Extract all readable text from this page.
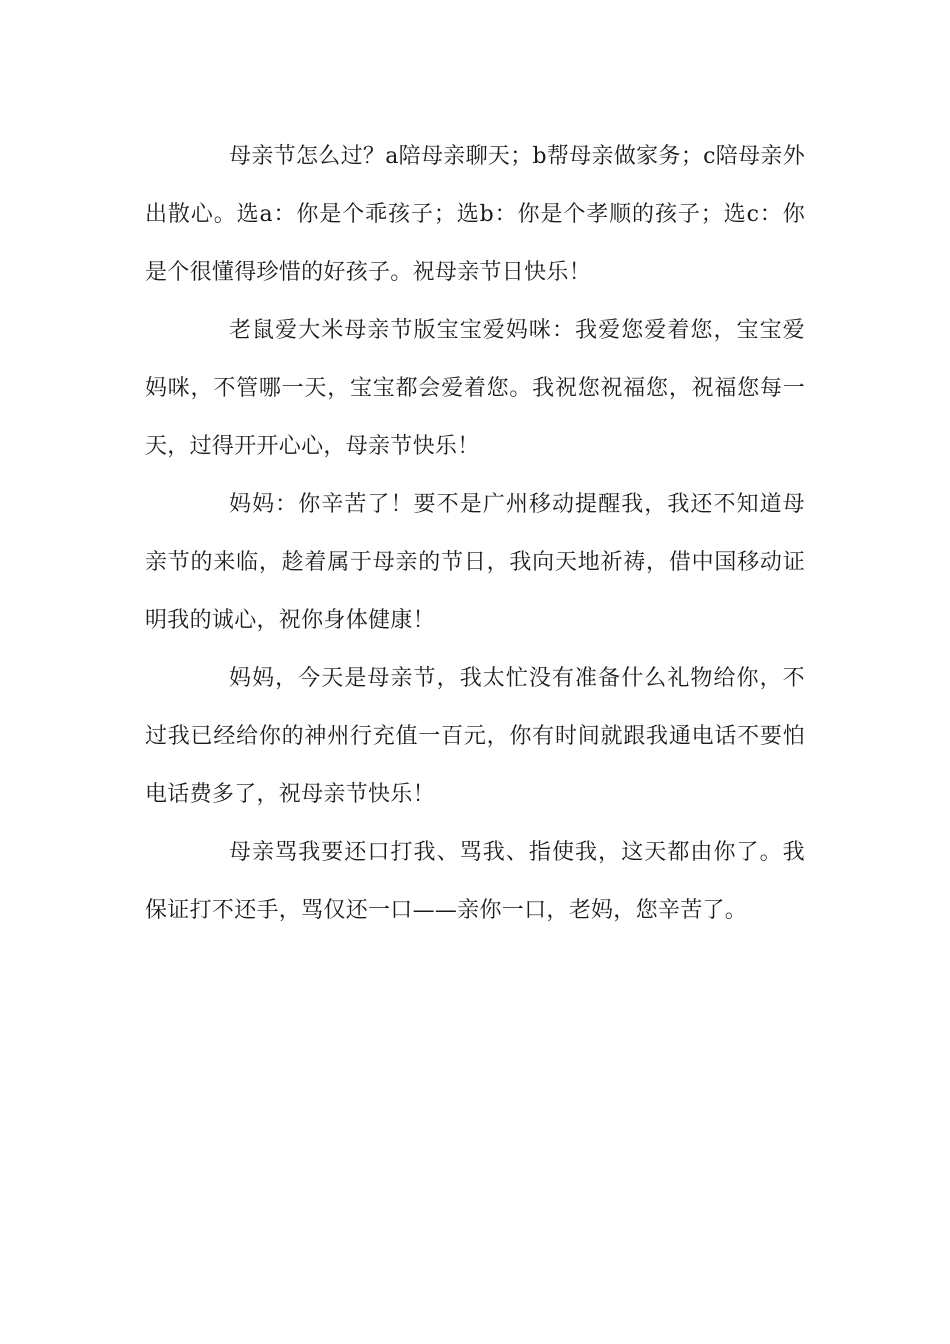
母亲节怎么过？a陪母亲聊天；b帮母亲做家务；c陪母亲外出散心。选a：你是个乖孩子；选b：你是个孝顺的孩子；选c：你是个很懂得珍惜的好孩子。祝母亲节日快乐！

老鼠爱大米母亲节版宝宝爱妈咪：我爱您爱着您，宝宝爱妈咪，不管哪一天，宝宝都会爱着您。我祝您祝福您，祝福您每一天，过得开开心心，母亲节快乐！

妈妈：你辛苦了！要不是广州移动提醒我，我还不知道母亲节的来临，趁着属于母亲的节日，我向天地祈祷，借中国移动证明我的诚心，祝你身体健康！

妈妈，今天是母亲节，我太忙没有准备什么礼物给你，不过我已经给你的神州行充值一百元，你有时间就跟我通电话不要怕电话费多了，祝母亲节快乐！

母亲骂我要还口打我、骂我、指使我，这天都由你了。我保证打不还手，骂仅还一口——亲你一口，老妈，您辛苦了。
